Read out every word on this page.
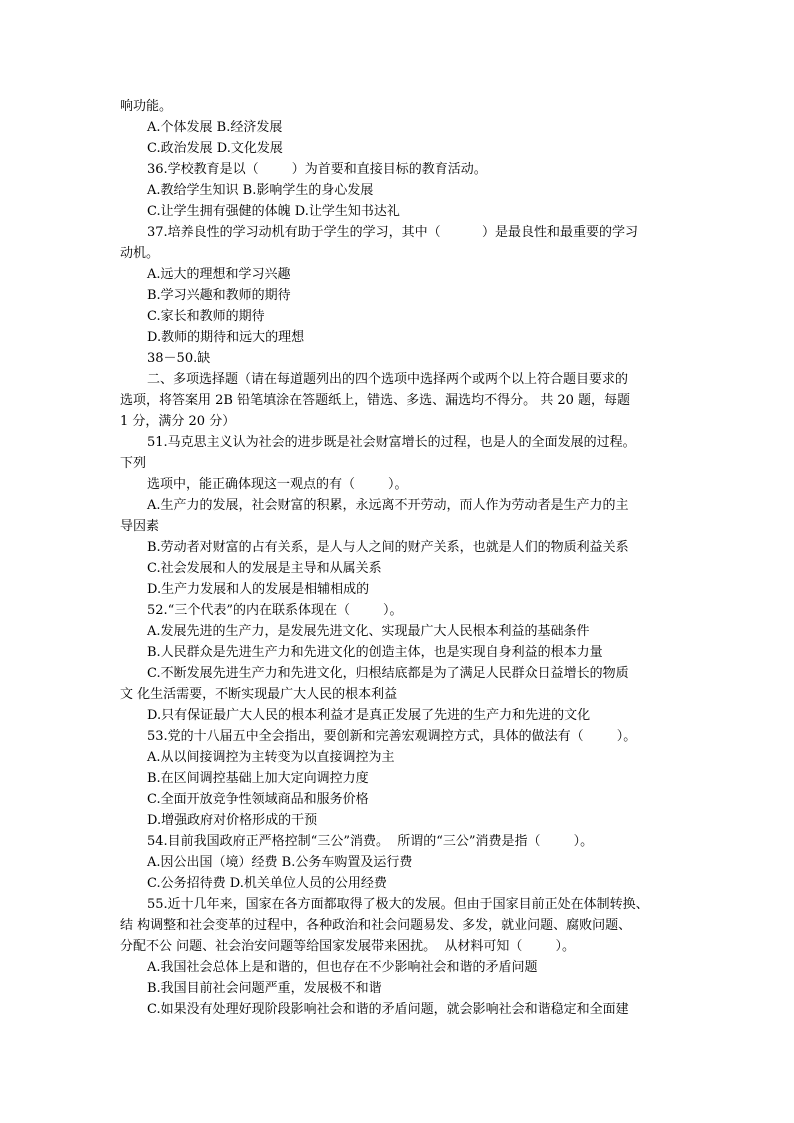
响功能。
A.个体发展 B.经济发展
C.政治发展 D.文化发展
36.学校教育是以（        ）为首要和直接目标的教育活动。
A.教给学生知识 B.影响学生的身心发展
C.让学生拥有强健的体魄 D.让学生知书达礼
37.培养良性的学习动机有助于学生的学习，其中（          ）是最良性和最重要的学习
动机。
A.远大的理想和学习兴趣
B.学习兴趣和教师的期待
C.家长和教师的期待
D.教师的期待和远大的理想
38－50.缺
二、多项选择题（请在每道题列出的四个选项中选择两个或两个以上符合题目要求的
选项，将答案用 2B 铅笔填涂在答题纸上，错选、多选、漏选均不得分。 共 20 题，每题
1 分，满分 20 分）
51.马克思主义认为社会的进步既是社会财富增长的过程，也是人的全面发展的过程。
下列
选项中，能正确体现这一观点的有（        ）。
A.生产力的发展，社会财富的积累，永远离不开劳动，而人作为劳动者是生产力的主
导因素
B.劳动者对财富的占有关系，是人与人之间的财产关系，也就是人们的物质利益关系
C.社会发展和人的发展是主导和从属关系
D.生产力发展和人的发展是相辅相成的
52.“三个代表”的内在联系体现在（        ）。
A.发展先进的生产力，是发展先进文化、实现最广大人民根本利益的基础条件
B.人民群众是先进生产力和先进文化的创造主体，也是实现自身利益的根本力量
C.不断发展先进生产力和先进文化，归根结底都是为了满足人民群众日益增长的物质
文 化生活需要，不断实现最广大人民的根本利益
D.只有保证最广大人民的根本利益才是真正发展了先进的生产力和先进的文化
53.党的十八届五中全会指出，要创新和完善宏观调控方式，具体的做法有（        ）。
A.从以间接调控为主转变为以直接调控为主
B.在区间调控基础上加大定向调控力度
C.全面开放竞争性领域商品和服务价格
D.增强政府对价格形成的干预
54.目前我国政府正严格控制“三公”消费。  所谓的“三公”消费是指（        ）。
A.因公出国（境）经费 B.公务车购置及运行费
C.公务招待费 D.机关单位人员的公用经费
55.近十几年来，国家在各方面都取得了极大的发展。但由于国家目前正处在体制转换、
结 构调整和社会变革的过程中，各种政治和社会问题易发、多发，就业问题、腐败问题、
分配不公 问题、社会治安问题等给国家发展带来困扰。  从材料可知（        ）。
A.我国社会总体上是和谐的，但也存在不少影响社会和谐的矛盾问题
B.我国目前社会问题严重，发展极不和谐
C.如果没有处理好现阶段影响社会和谐的矛盾问题，就会影响社会和谐稳定和全面建
